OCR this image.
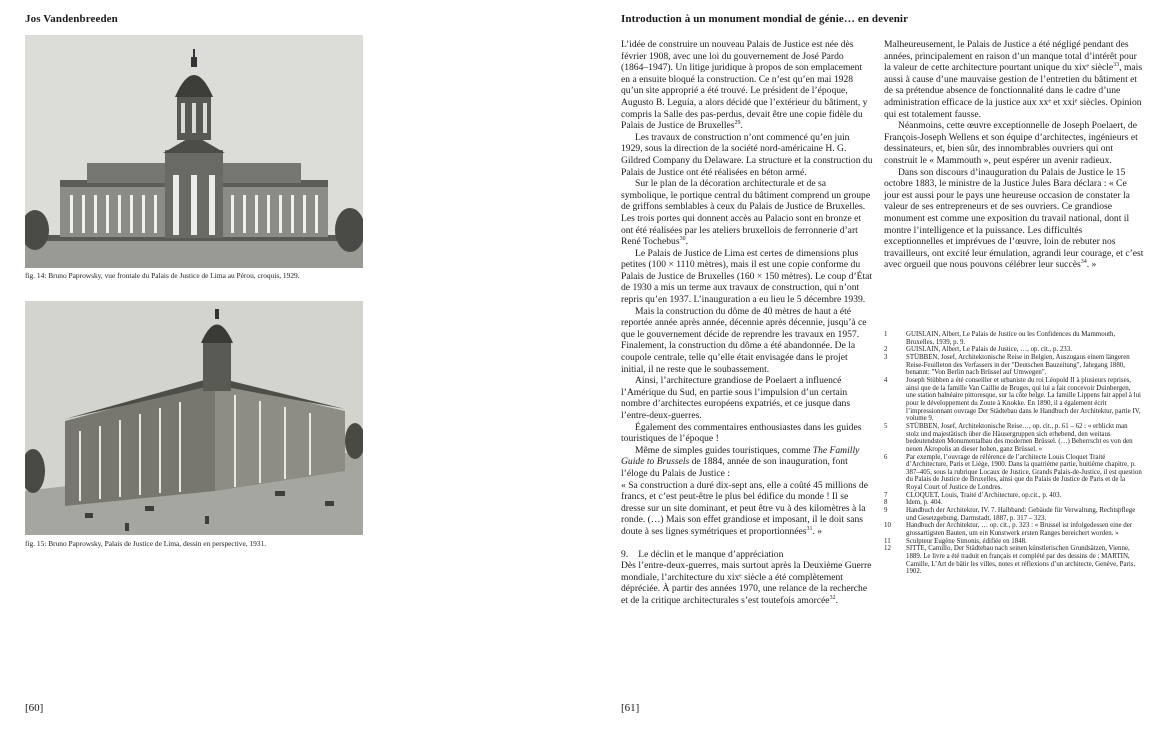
Jos Vandenbreeden	Introduction à un monument mondial de génie… en devenir
fig. 14: Bruno Paprowsky, vue frontale du Palais de Justice de Lima au Pérou, croquis, 1929.
fig. 15: Bruno Paprowsky, Palais de Justice de Lima, dessin en perspective, 1931.
[60]	[61]

L’idée de construire un nouveau Palais de Justice est née dès février 1908, avec une loi du gouvernement de José Pardo (1864–1947). Un litige juridique à propos de son emplacement en a ensuite bloqué la construction. Ce n’est qu’en mai 1928 qu’un site approprié a été trouvé. Le président de l’époque, Augusto B. Leguía, a alors décidé que l’extérieur du bâtiment, y compris la Salle des pas-perdus, devait être une copie fidèle du Palais de Justice de Bruxelles$^{29}$.

Les travaux de construction n’ont commencé qu’en juin 1929, sous la direction de la société nord-américaine H. G. Gildred Company du Delaware. La structure et la construction du Palais de Justice ont été réalisées en béton armé.

Sur le plan de la décoration architecturale et de sa symbolique, le portique central du bâtiment comprend un groupe de griffons semblables à ceux du Palais de Justice de Bruxelles. Les trois portes qui donnent accès au Palacio sont en bronze et ont été réalisées par les ateliers bruxellois de ferronnerie d’art René Tochebus$^{30}$.

Le Palais de Justice de Lima est certes de dimensions plus petites (100 × 1110 mètres), mais il est une copie conforme du Palais de Justice de Bruxelles (160 × 150 mètres). Le coup d’État de 1930 a mis un terme aux travaux de construction, qui n’ont repris qu’en 1937. L’inauguration a eu lieu le 5 décembre 1939.

Mais la construction du dôme de 40 mètres de haut a été reportée année après année, décennie après décennie, jusqu’à ce que le gouvernement décide de reprendre les travaux en 1957. Finalement, la construction du dôme a été abandonnée. De la coupole centrale, telle qu’elle était envisagée dans le projet initial, il ne reste que le soubassement.

Ainsi, l’architecture grandiose de Poelaert a influencé l’Amérique du Sud, en partie sous l’impulsion d’un certain nombre d’architectes européens expatriés, et ce jusque dans l’entre-deux-guerres.

Également des commentaires enthousiastes dans les guides touristiques de l’époque !

Même de simples guides touristiques, comme The Familly Guide to Brussels de 1884, année de son inauguration, font l’éloge du Palais de Justice :

« Sa construction a duré dix-sept ans, elle a coûté 45 millions de francs, et c’est peut-être le plus bel édifice du monde ! Il se dresse sur un site dominant, et peut être vu à des kilomètres à la ronde. (…) Mais son effet grandiose et imposant, il le doit sans doute à ses lignes symétriques et proportionnées$^{31}$. »

9. Le déclin et le manque d’appréciation

Dès l’entre-deux-guerres, mais surtout après la Deuxième Guerre mondiale, l’architecture du xixᵉ siècle a été complètement dépréciée. À partir des années 1970, une relance de la recherche et de la critique architecturales s’est toutefois amorcée$^{32}$.

Malheureusement, le Palais de Justice a été négligé pendant des années, principalement en raison d’un manque total d’intérêt pour la valeur de cette architecture pourtant unique du xixᵉ siècle$^{33}$, mais aussi à cause d’une mauvaise gestion de l’entretien du bâtiment et de sa prétendue absence de fonctionnalité dans le cadre d’une administration efficace de la justice aux xxᵉ et xxiᵉ siècles. Opinion qui est totalement fausse.

Néanmoins, cette œuvre exceptionnelle de Joseph Poelaert, de François-Joseph Wellens et son équipe d’architectes, ingénieurs et dessinateurs, et, bien sûr, des innombrables ouvriers qui ont construit le « Mammouth », peut espérer un avenir radieux.

Dans son discours d’inauguration du Palais de Justice le 15 octobre 1883, le ministre de la Justice Jules Bara déclara : « Ce jour est aussi pour le pays une heureuse occasion de constater la valeur de ses entrepreneurs et de ses ouvriers. Ce grandiose monument est comme une exposition du travail national, dont il montre l’intelligence et la puissance. Les difficultés exceptionnelles et imprévues de l’œuvre, loin de rebuter nos travailleurs, ont excité leur émulation, agrandi leur courage, et c’est avec orgueil que nous pouvons célébrer leur succès$^{34}$. »

1	GUISLAIN, Albert, Le Palais de Justice ou les Confidences du Mammouth, Bruxelles, 1939, p. 9.
2	GUISLAIN, Albert, Le Palais de Justice, …, op. cit., p. 233.
3	STÜBBEN, Josef, Architektonische Reise in Belgien, Auszugaus einem längeren Reise-Feuilleton des Verfassers in der "Deutschen Bauzeitung", Jahrgang 1880, benannt: "Von Berlin nach Brüssel auf Umwegen".
4	Joseph Stübben a été conseiller et urbaniste du roi Léopold II à plusieurs reprises, ainsi que de la famille Van Caillie de Bruges, qui lui a fait concevoir Duinbergen, une station balnéaire pittoresque, sur la côte belge. La famille Lippens fait appel à lui pour le développement du Zoute à Knokke. En 1890, il a également écrit l’impressionnant ouvrage Der Städtebau dans le Handbuch der Architektur, partie IV, volume 9.
5	STÜBBEN, Josef, Architektonische Reise…, op. cit., p. 61 – 62 : « erblickt man stolz und majestätisch über die Häusergruppen sich erhebend, den weitaus bedeutendsten Monumentalbau des modernen Brüssel. (…) Beherrscht es von den neuen Akropolis an dieser hohen, ganz Brüssel. »
6	Par exemple, l’ouvrage de référence de l’architecte Louis Cloquet Traité d’Architecture, Paris et Liège, 1900. Dans la quatrième partie, huitième chapitre, p. 387–405, sous la rubrique Locaux de Justice, Grands Palais-de-Justice, il est question du Palais de Justice de Bruxelles, ainsi que du Palais de Justice de Paris et de la Royal Court of Justice de Londres.
7	CLOQUET, Louis, Traité d’Architecture, op.cit., p. 403.
8	Idem, p. 404.
9	Handbuch der Architektur, IV. 7. Halbband: Gebäude für Verwaltung, Rechtspflege und Gesetzgebung, Darmstadt, 1887, p. 317 – 323.
10	Handbuch der Architektur, … op. cit., p. 323 : « Brussel ist infolgedessen eine der grossartigsten Bauten, um ein Kunstwerk ersten Ranges bereichert worden. »
11	Sculpteur Eugène Simonis, édifiée en 1848.
12	SITTE, Camillo, Der Städtebau nach seinen künstlerischen Grundsätzen, Vienne, 1889. Le livre a été traduit en français et complété par des dessins de : MARTIN, Camille, L’Art de bâtir les villes, notes et réflexions d’un architecte, Genève, Paris, 1902.
